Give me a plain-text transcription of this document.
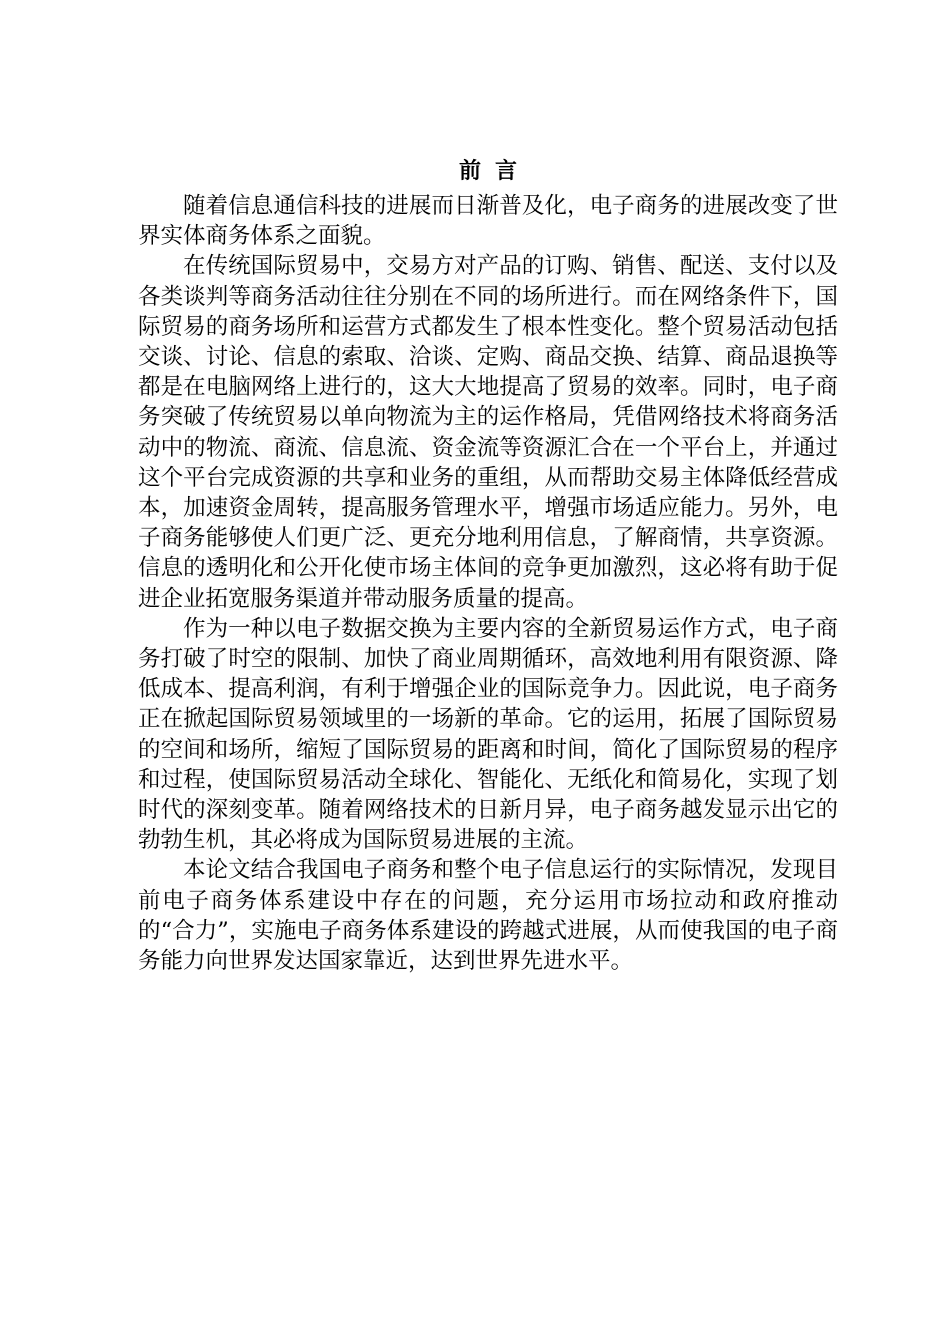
前言

随着信息通信科技的进展而日渐普及化，电子商务的进展改变了世界实体商务体系之面貌。

在传统国际贸易中，交易方对产品的订购、销售、配送、支付以及各类谈判等商务活动往往分别在不同的场所进行。而在网络条件下，国际贸易的商务场所和运营方式都发生了根本性变化。整个贸易活动包括交谈、讨论、信息的索取、洽谈、定购、商品交换、结算、商品退换等都是在电脑网络上进行的，这大大地提高了贸易的效率。同时，电子商务突破了传统贸易以单向物流为主的运作格局，凭借网络技术将商务活动中的物流、商流、信息流、资金流等资源汇合在一个平台上，并通过这个平台完成资源的共享和业务的重组，从而帮助交易主体降低经营成本，加速资金周转，提高服务管理水平，增强市场适应能力。另外，电子商务能够使人们更广泛、更充分地利用信息，了解商情，共享资源。信息的透明化和公开化使市场主体间的竞争更加激烈，这必将有助于促进企业拓宽服务渠道并带动服务质量的提高。

作为一种以电子数据交换为主要内容的全新贸易运作方式，电子商务打破了时空的限制、加快了商业周期循环，高效地利用有限资源、降低成本、提高利润，有利于增强企业的国际竞争力。因此说，电子商务正在掀起国际贸易领域里的一场新的革命。它的运用，拓展了国际贸易的空间和场所，缩短了国际贸易的距离和时间，简化了国际贸易的程序和过程，使国际贸易活动全球化、智能化、无纸化和简易化，实现了划时代的深刻变革。随着网络技术的日新月异，电子商务越发显示出它的勃勃生机，其必将成为国际贸易进展的主流。

本论文结合我国电子商务和整个电子信息运行的实际情况，发现目前电子商务体系建设中存在的问题，充分运用市场拉动和政府推动的“合力”，实施电子商务体系建设的跨越式进展，从而使我国的电子商务能力向世界发达国家靠近，达到世界先进水平。
